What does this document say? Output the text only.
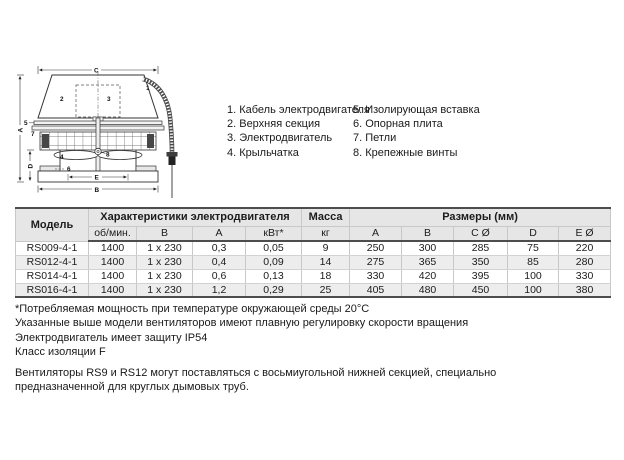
C
2	3
1
5
7
4	8
6
E
B
A
D
1. Кабель электродвигателя
2. Верхняя секция
3. Электродвигатель
4. Крыльчатка
5. Изолирующая вставка
6. Опорная плита
7. Петли
8. Крепежные винты
Модель	Характеристики электродвигателя				Масса	Размеры (мм)				
	об/мин.	В	А	кВт*	кг	A	B	C Ø	D	E Ø
RS009-4-1	1400	1 x 230	0,3	0,05	9	250	300	285	75	220
RS012-4-1	1400	1 x 230	0,4	0,09	14	275	365	350	85	280
RS014-4-1	1400	1 x 230	0,6	0,13	18	330	420	395	100	330
RS016-4-1	1400	1 x 230	1,2	0,29	25	405	480	450	100	380
*Потребляемая мощность при температуре окружающей среды 20°C
Указанные выше модели вентиляторов имеют плавную регулировку скорости вращения
Электродвигатель имеет защиту IP54
Класс изоляции F
Вентиляторы RS9 и RS12 могут поставляться с восьмиугольной нижней секцией, специально предназначенной для круглых дымовых труб.
